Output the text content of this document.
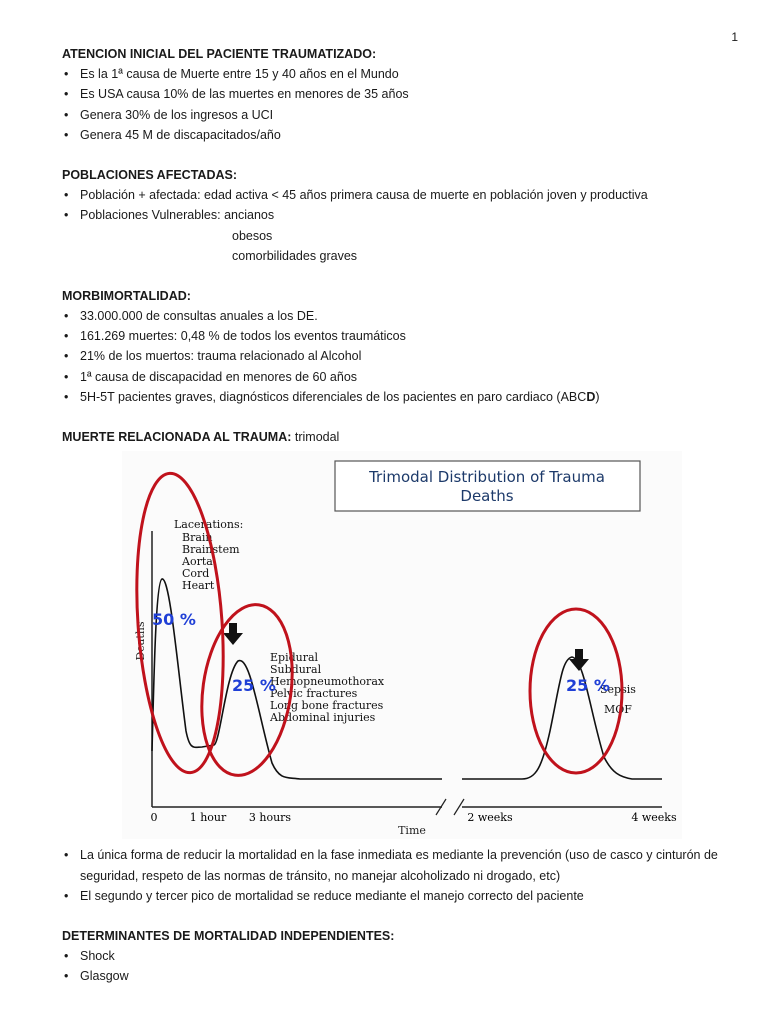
1
ATENCION INICIAL DEL PACIENTE TRAUMATIZADO:
• Es la 1ª causa de Muerte entre 15 y 40 años en el Mundo
• Es USA causa 10% de las muertes en menores de 35 años
• Genera 30% de los ingresos a UCI
• Genera 45 M de discapacitados/año
POBLACIONES AFECTADAS:
• Población + afectada: edad activa < 45 años primera causa de muerte en población joven y productiva
• Poblaciones Vulnerables: ancianos
obesos
comorbilidades graves
MORBIMORTALIDAD:
• 33.000.000 de consultas anuales a los DE.
• 161.269 muertes: 0,48 % de todos los eventos traumáticos
• 21% de los muertos: trauma relacionado al Alcohol
• 1ª causa de discapacidad en menores de 60 años
• 5H-5T pacientes graves, diagnósticos diferenciales de los pacientes en paro cardiaco (ABCD)
MUERTE RELACIONADA AL TRAUMA: trimodal
Trimodal Distribution of Trauma
Deaths
Deaths
Time
0	1 hour 3 hours	2 weeks	4 weeks
Lacerations:
Brain
Brainstem
Aorta
Cord
Heart
50 %
Epidural
Subdural
Hemopneumothorax
Pelvic fractures
Long bone fractures
Abdominal injuries
25 %	Sepsis
MOF
25 %
• La única forma de reducir la mortalidad en la fase inmediata es mediante la prevención (uso de casco y cinturón de seguridad, respeto de las normas de tránsito, no manejar alcoholizado ni drogado, etc)
• El segundo y tercer pico de mortalidad se reduce mediante el manejo correcto del paciente
DETERMINANTES DE MORTALIDAD INDEPENDIENTES:
• Shock
• Glasgow
